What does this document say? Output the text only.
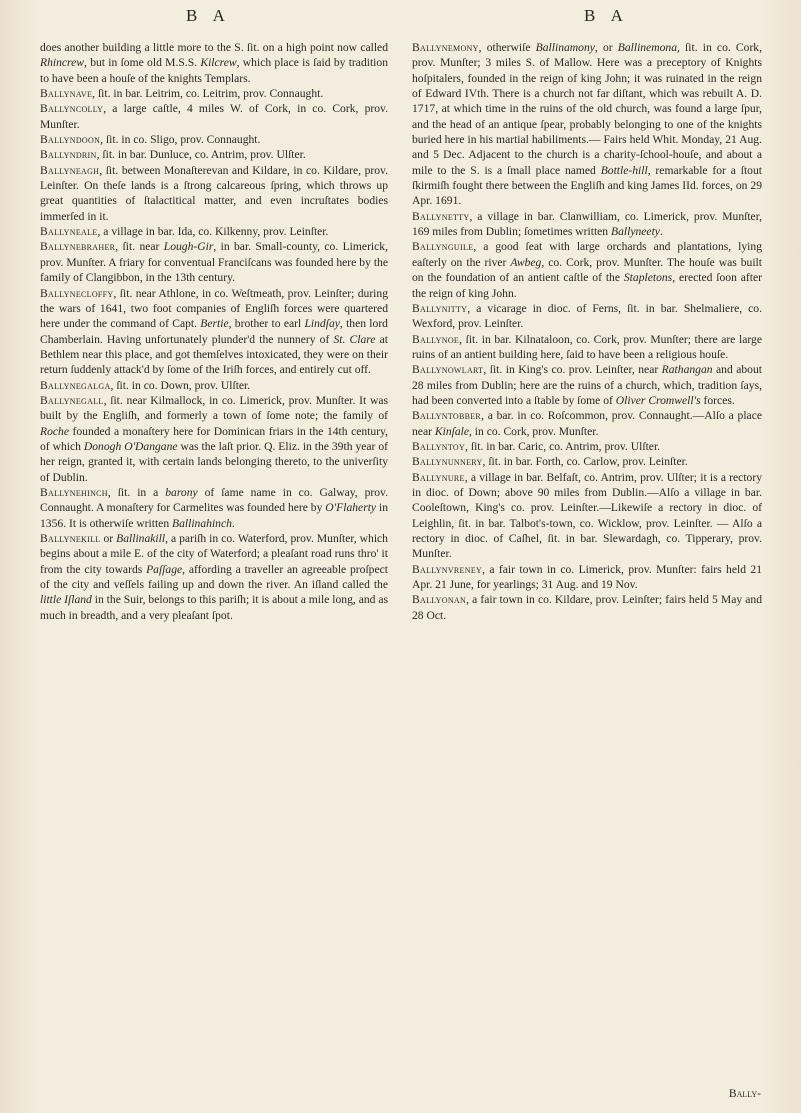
B A	B A

does another building a little more to the S. ſit. on a high point now called Rhincrew, but in ſome old M.S.S. Kilcrew, which place is ſaid by tradition to have been a houſe of the knights Templars.

Ballynave, ſit. in bar. Leitrim, co. Leitrim, prov. Connaught.

Ballyncolly, a large caſtle, 4 miles W. of Cork, in co. Cork, prov. Munſter.

Ballyndoon, ſit. in co. Sligo, prov. Connaught.

Ballyndrin, ſit. in bar. Dunluce, co. Antrim, prov. Ulſter.

Ballyneagh, ſit. between Monaſterevan and Kildare, in co. Kildare, prov. Leinſter. On theſe lands is a ſtrong calcareous ſpring, which throws up great quantities of ſtalactitical matter, and even incruſtates bodies immerſed in it.

Ballyneale, a village in bar. Ida, co. Kilkenny, prov. Leinſter.

Ballynebraher, ſit. near Lough-Gir, in bar. Small-county, co. Limerick, prov. Munſter. A friary for conventual Franciſcans was founded here by the family of Clangibbon, in the 13th century.

Ballyneclоffy, ſit. near Athlone, in co. Weſtmeath, prov. Leinſter; during the wars of 1641, two foot companies of Engliſh forces were quartered here under the command of Capt. Bertie, brother to earl Lindſay, then lord Chamberlain. Having unfortunately plunder'd the nunnery of St. Clare at Bethlem near this place, and got themſelves intoxicated, they were on their return ſuddenly attack'd by ſome of the Iriſh forces, and entirely cut off.

Ballynegalga, ſit. in co. Down, prov. Ulſter.

Ballynegall, ſit. near Kilmallock, in co. Limerick, prov. Munſter. It was built by the Engliſh, and formerly a town of ſome note; the family of Roche founded a monaſtery here for Dominican friars in the 14th century, of which Donogh O'Dangane was the laſt prior. Q. Eliz. in the 39th year of her reign, granted it, with certain lands belonging thereto, to the univerſity of Dublin.

Ballynehinch, ſit. in a barony of ſame name in co. Galway, prov. Connaught. A monaſtery for Carmelites was founded here by O'Flaherty in 1356. It is otherwiſe written Ballinahinch.

Ballynekill or Ballinakill, a pariſh in co. Waterford, prov. Munſter, which begins about a mile E. of the city of Waterford; a pleaſant road runs thro' it from the city towards Paſſage, affording a traveller an agreeable proſpect of the city and veſſels failing up and down the river. An iſland called the little Iſland in the Suir, belongs to this pariſh; it is about a mile long, and as much in breadth, and a very pleaſant ſpot.

Ballynemony, otherwiſe Ballinamony, or Ballinemona, ſit. in co. Cork, prov. Munſter; 3 miles S. of Mallow. Here was a preceptory of Knights hoſpitalers, founded in the reign of king John; it was ruinated in the reign of Edward IVth. There is a church not far diſtant, which was rebuilt A. D. 1717, at which time in the ruins of the old church, was found a large ſpur, and the head of an antique ſpear, probably belonging to one of the knights buried here in his martial habiliments.— Fairs held Whit. Monday, 21 Aug. and 5 Dec. Adjacent to the church is a charity-ſchool-houſe, and about a mile to the S. is a ſmall place named Bottle-hill, remarkable for a ſtout ſkirmiſh fought there between the Engliſh and king James IId. forces, on 29 Apr. 1691.

Ballynetty, a village in bar. Clanwilliam, co. Limerick, prov. Munſter, 169 miles from Dublin; ſometimes written Ballyneety.

Ballynguile, a good ſeat with large orchards and plantations, lying eaſterly on the river Awbeg, co. Cork, prov. Munſter. The houſe was built on the foundation of an antient caſtle of the Stapletons, erected ſoon after the reign of king John.

Ballynitty, a vicarage in dioc. of Ferns, ſit. in bar. Shelmaliere, co. Wexford, prov. Leinſter.

Ballynoe, ſit. in bar. Kilnataloon, co. Cork, prov. Munſter; there are large ruins of an antient building here, ſaid to have been a religious houſe.

Ballynowlart, ſit. in King's co. prov. Leinſter, near Rathangan and about 28 miles from Dublin; here are the ruins of a church, which, tradition ſays, had been converted into a ſtable by ſome of Oliver Cromwell's forces.

Ballyntobber, a bar. in co. Roſcommon, prov. Connaught.—Alſo a place near Kinſale, in co. Cork, prov. Munſter.

Ballyntoy, ſit. in bar. Caric, co. Antrim, prov. Ulſter.

Ballynunnery, ſit. in bar. Forth, co. Carlow, prov. Leinſter.

Ballynure, a village in bar. Belfaſt, co. Antrim, prov. Ulſter; it is a rectory in dioc. of Down; above 90 miles from Dublin.—Alſo a village in bar. Cooleſtown, King's co. prov. Leinſter.—Likewiſe a rectory in dioc. of Leighlin, ſit. in bar. Talbot's-town, co. Wicklow, prov. Leinſter. — Alſo a rectory in dioc. of Caſhel, ſit. in bar. Slewardagh, co. Tipperary, prov. Munſter.

Ballynvreney, a fair town in co. Limerick, prov. Munſter: fairs held 21 Apr. 21 June, for yearlings; 31 Aug. and 19 Nov.

Ballyonan, a fair town in co. Kildare, prov. Leinſter; fairs held 5 May and 28 Oct.

Bally-
